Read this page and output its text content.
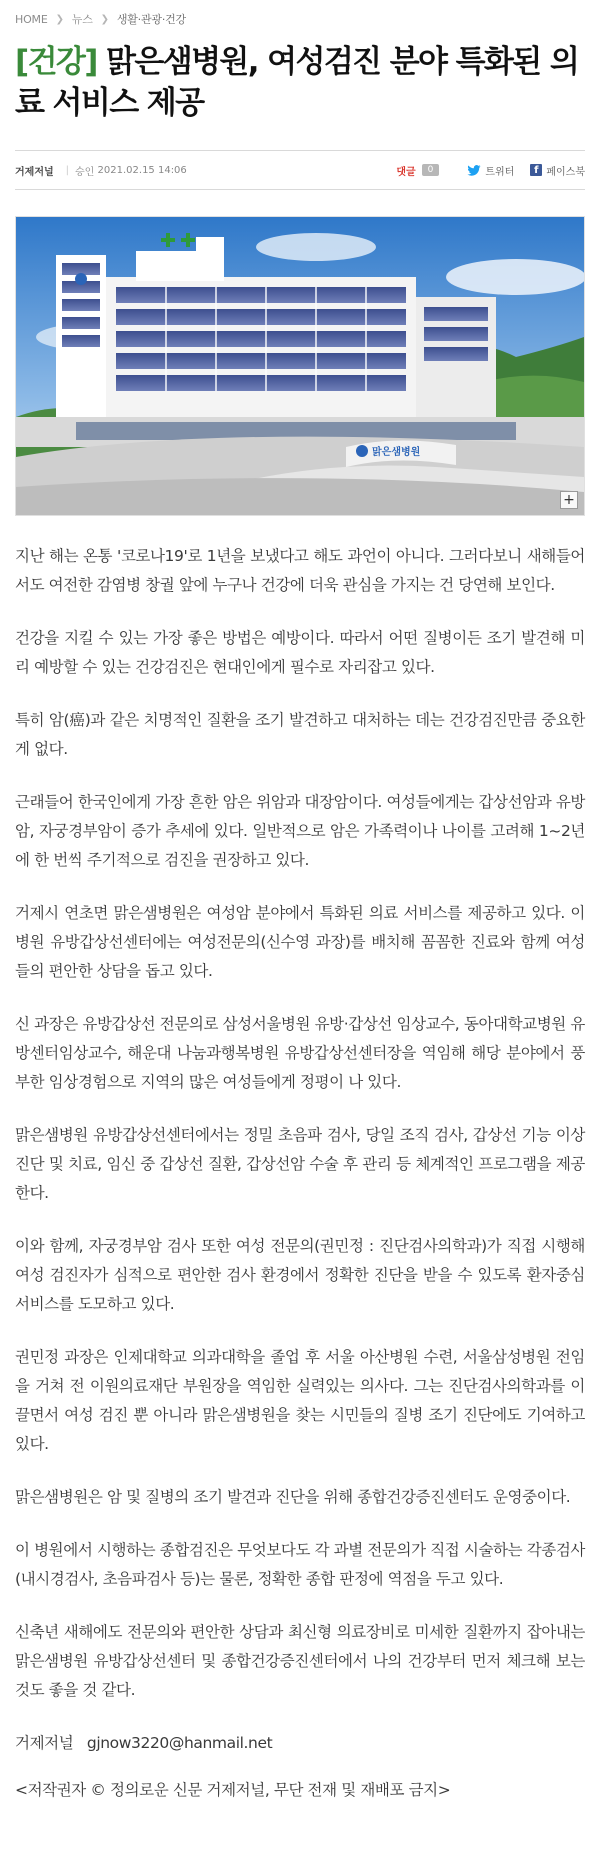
HOME ❯ 뉴스 ❯ 생활·관광·건강
[건강] 맑은샘병원, 여성검진 분야 특화된 의료 서비스 제공
거제저널 | 승인
2021.02.15 14:06	댓글	0	트위터	f 페이스북
맑은샘병원
+

지난 해는 온통 '코로나19'로 1년을 보냈다고 해도 과언이 아니다. 그러다보니 새해들어서도 여전한 감염병 창궐 앞에 누구나 건강에 더욱 관심을 가지는 건 당연해 보인다.

건강을 지킬 수 있는 가장 좋은 방법은 예방이다. 따라서 어떤 질병이든 조기 발견해 미리 예방할 수 있는 건강검진은 현대인에게 필수로 자리잡고 있다.

특히 암(癌)과 같은 치명적인 질환을 조기 발견하고 대처하는 데는 건강검진만큼 중요한 게 없다.

근래들어 한국인에게 가장 흔한 암은 위암과 대장암이다. 여성들에게는 갑상선암과 유방암, 자궁경부암이 증가 추세에 있다. 일반적으로 암은 가족력이나 나이를 고려해 1~2년에 한 번씩 주기적으로 검진을 권장하고 있다.

거제시 연초면 맑은샘병원은 여성암 분야에서 특화된 의료 서비스를 제공하고 있다. 이 병원 유방갑상선센터에는 여성전문의(신수영 과장)를 배치해 꼼꼼한 진료와 함께 여성들의 편안한 상담을 돕고 있다.

신 과장은 유방갑상선 전문의로 삼성서울병원 유방·갑상선 임상교수, 동아대학교병원 유방센터임상교수, 해운대 나눔과행복병원 유방갑상선센터장을 역임해 해당 분야에서 풍부한 임상경험으로 지역의 많은 여성들에게 정평이 나 있다.

맑은샘병원 유방갑상선센터에서는 정밀 초음파 검사, 당일 조직 검사, 갑상선 기능 이상 진단 및 치료, 임신 중 갑상선 질환, 갑상선암 수술 후 관리 등 체계적인 프로그램을 제공한다.

이와 함께, 자궁경부암 검사 또한 여성 전문의(권민정 : 진단검사의학과)가 직접 시행해 여성 검진자가 심적으로 편안한 검사 환경에서 정확한 진단을 받을 수 있도록 환자중심 서비스를 도모하고 있다.

권민정 과장은 인제대학교 의과대학을 졸업 후 서울 아산병원 수련, 서울삼성병원 전임을 거쳐 전 이원의료재단 부원장을 역임한 실력있는 의사다. 그는 진단검사의학과를 이끌면서 여성 검진 뿐 아니라 맑은샘병원을 찾는 시민들의 질병 조기 진단에도 기여하고 있다.

맑은샘병원은 암 및 질병의 조기 발견과 진단을 위해 종합건강증진센터도 운영중이다.

이 병원에서 시행하는 종합검진은 무엇보다도 각 과별 전문의가 직접 시술하는 각종검사 (내시경검사, 초음파검사 등)는 물론, 정확한 종합 판정에 역점을 두고 있다.

신축년 새해에도 전문의와 편안한 상담과 최신형 의료장비로 미세한 질환까지 잡아내는 맑은샘병원 유방갑상선센터 및 종합건강증진센터에서 나의 건강부터 먼저 체크해 보는 것도 좋을 것 같다.

거제저널 gjnow3220@hanmail.net

<저작권자 © 정의로운 신문 거제저널, 무단 전재 및 재배포 금지>
